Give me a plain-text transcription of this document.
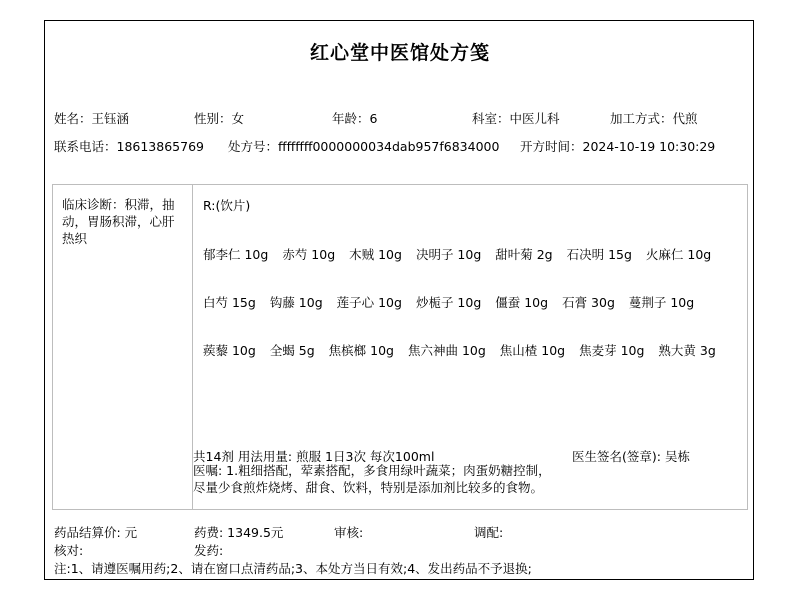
红心堂中医馆处方笺
姓名：王钰涵	性别：女	年龄：6	科室：中医儿科	加工方式：代煎
联系电话：18613865769 处方号：ffffffff0000000034dab957f6834000 开方时间：2024-10-19 10:30:29
临床诊断：积滞，抽动，胃肠积滞，心肝热织
R:(饮片)
郁李仁 10g 赤芍 10g 木贼 10g 决明子 10g 甜叶菊 2g 石决明 15g 火麻仁 10g
白芍 15g 钩藤 10g 莲子心 10g 炒栀子 10g 僵蚕 10g 石膏 30g 蔓荆子 10g
蒺藜 10g 全蝎 5g 焦槟榔 10g 焦六神曲 10g 焦山楂 10g 焦麦芽 10g 熟大黄 3g
共14剂 用法用量: 煎服 1日3次 每次100ml	医生签名(签章): 吴栋
医嘱: 1.粗细搭配，荤素搭配，多食用绿叶蔬菜；肉蛋奶糖控制，尽量少食煎炸烧烤、甜食、饮料，特别是添加剂比较多的食物。
药品结算价: 元	药费: 1349.5元	审核:	调配:
核对:	发药:
注:1、请遵医嘱用药;2、请在窗口点清药品;3、本处方当日有效;4、发出药品不予退换;
